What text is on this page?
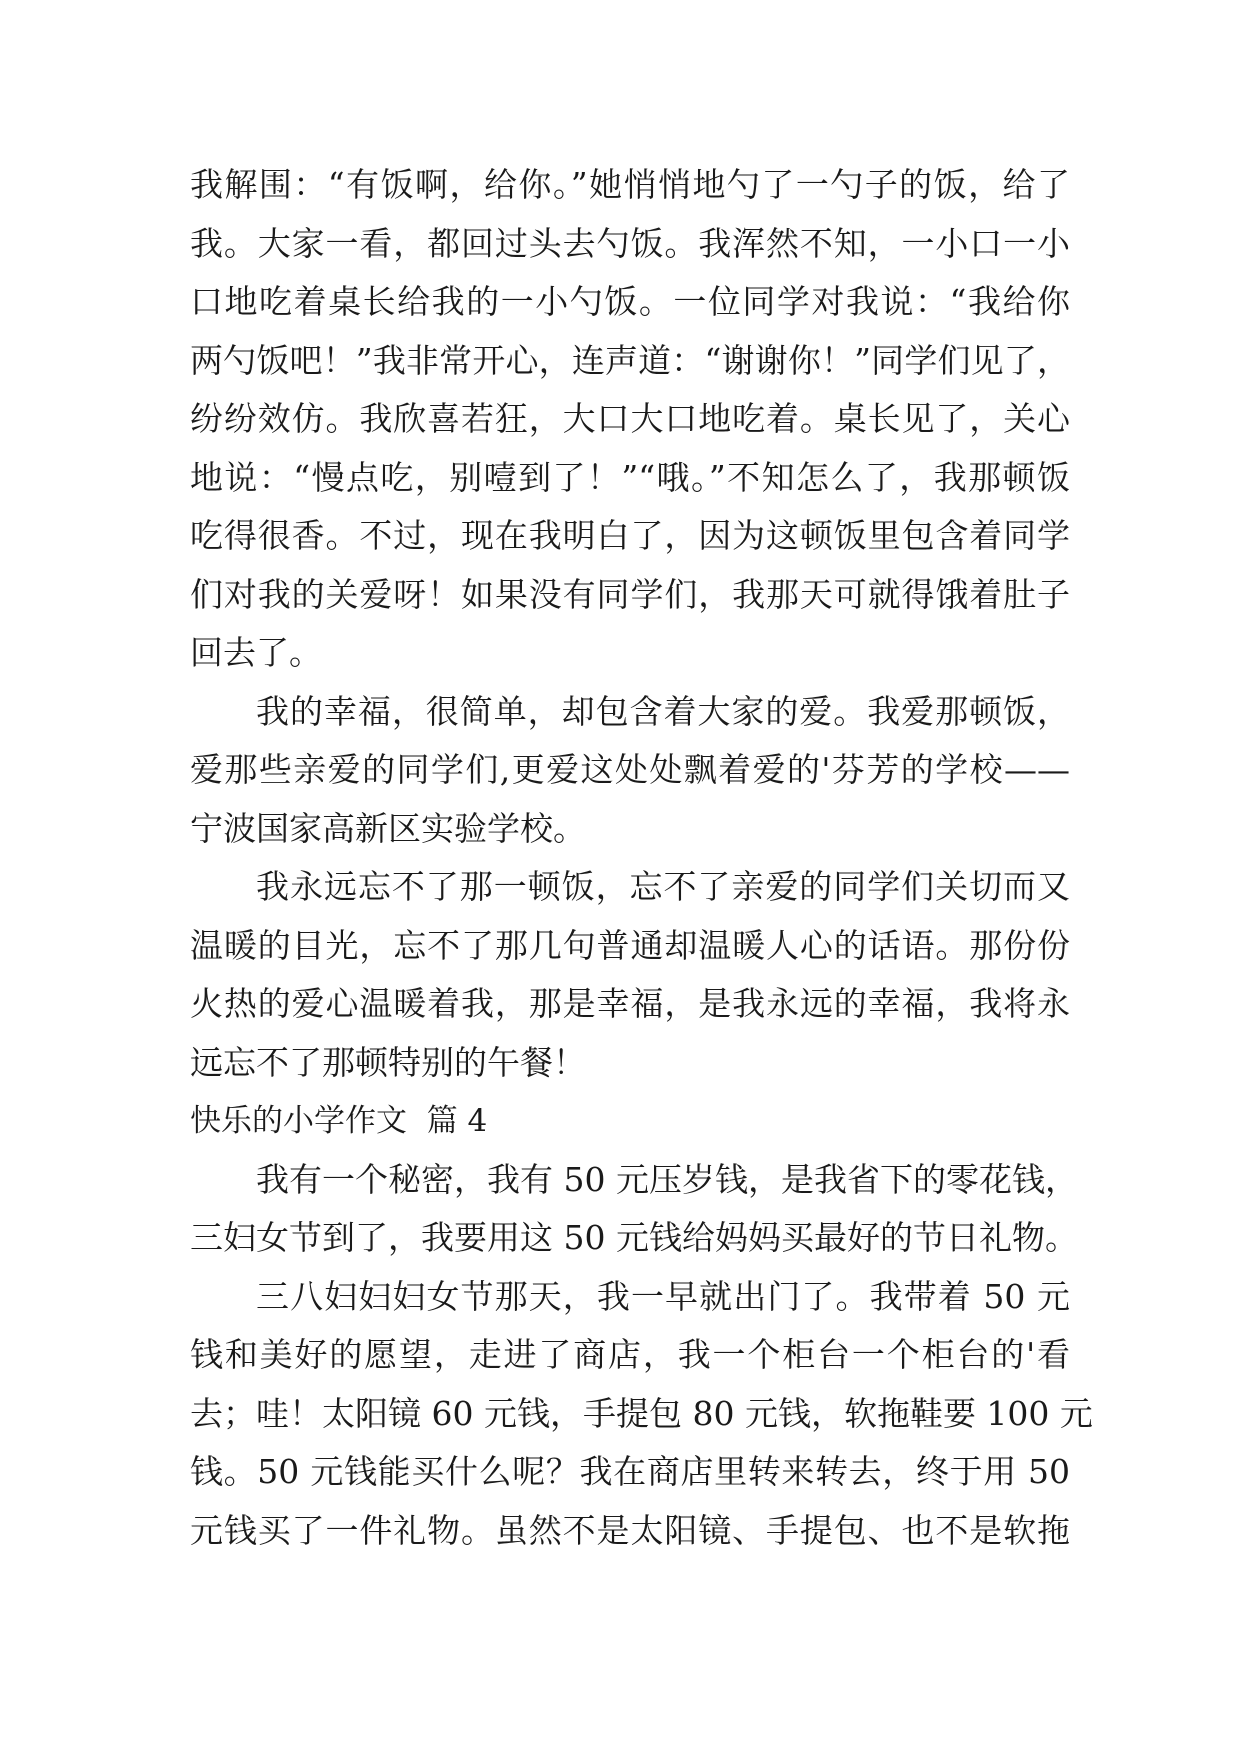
我解围：“有饭啊，给你。”她悄悄地勺了一勺子的饭，给了
我。大家一看，都回过头去勺饭。我浑然不知，一小口一小
口地吃着桌长给我的一小勺饭。一位同学对我说：“我给你
两勺饭吧！”我非常开心，连声道：“谢谢你！”同学们见了，
纷纷效仿。我欣喜若狂，大口大口地吃着。桌长见了，关心
地说：“慢点吃，别噎到了！”“哦。”不知怎么了，我那顿饭
吃得很香。不过，现在我明白了，因为这顿饭里包含着同学
们对我的关爱呀！如果没有同学们，我那天可就得饿着肚子
回去了。
我的幸福，很简单，却包含着大家的爱。我爱那顿饭，
爱那些亲爱的同学们,更爱这处处飘着爱的'芬芳的学校——
宁波国家高新区实验学校。
我永远忘不了那一顿饭，忘不了亲爱的同学们关切而又
温暖的目光，忘不了那几句普通却温暖人心的话语。那份份
火热的爱心温暖着我，那是幸福，是我永远的幸福，我将永
远忘不了那顿特别的午餐！
快乐的小学作文  篇 4
我有一个秘密，我有 50 元压岁钱，是我省下的零花钱，
三妇女节到了，我要用这 50 元钱给妈妈买最好的节日礼物。
三八妇妇妇女节那天，我一早就出门了。我带着 50 元
钱和美好的愿望，走进了商店，我一个柜台一个柜台的'看
去；哇！太阳镜 60 元钱，手提包 80 元钱，软拖鞋要 100 元
钱。50 元钱能买什么呢？我在商店里转来转去，终于用 50
元钱买了一件礼物。虽然不是太阳镜、手提包、也不是软拖
